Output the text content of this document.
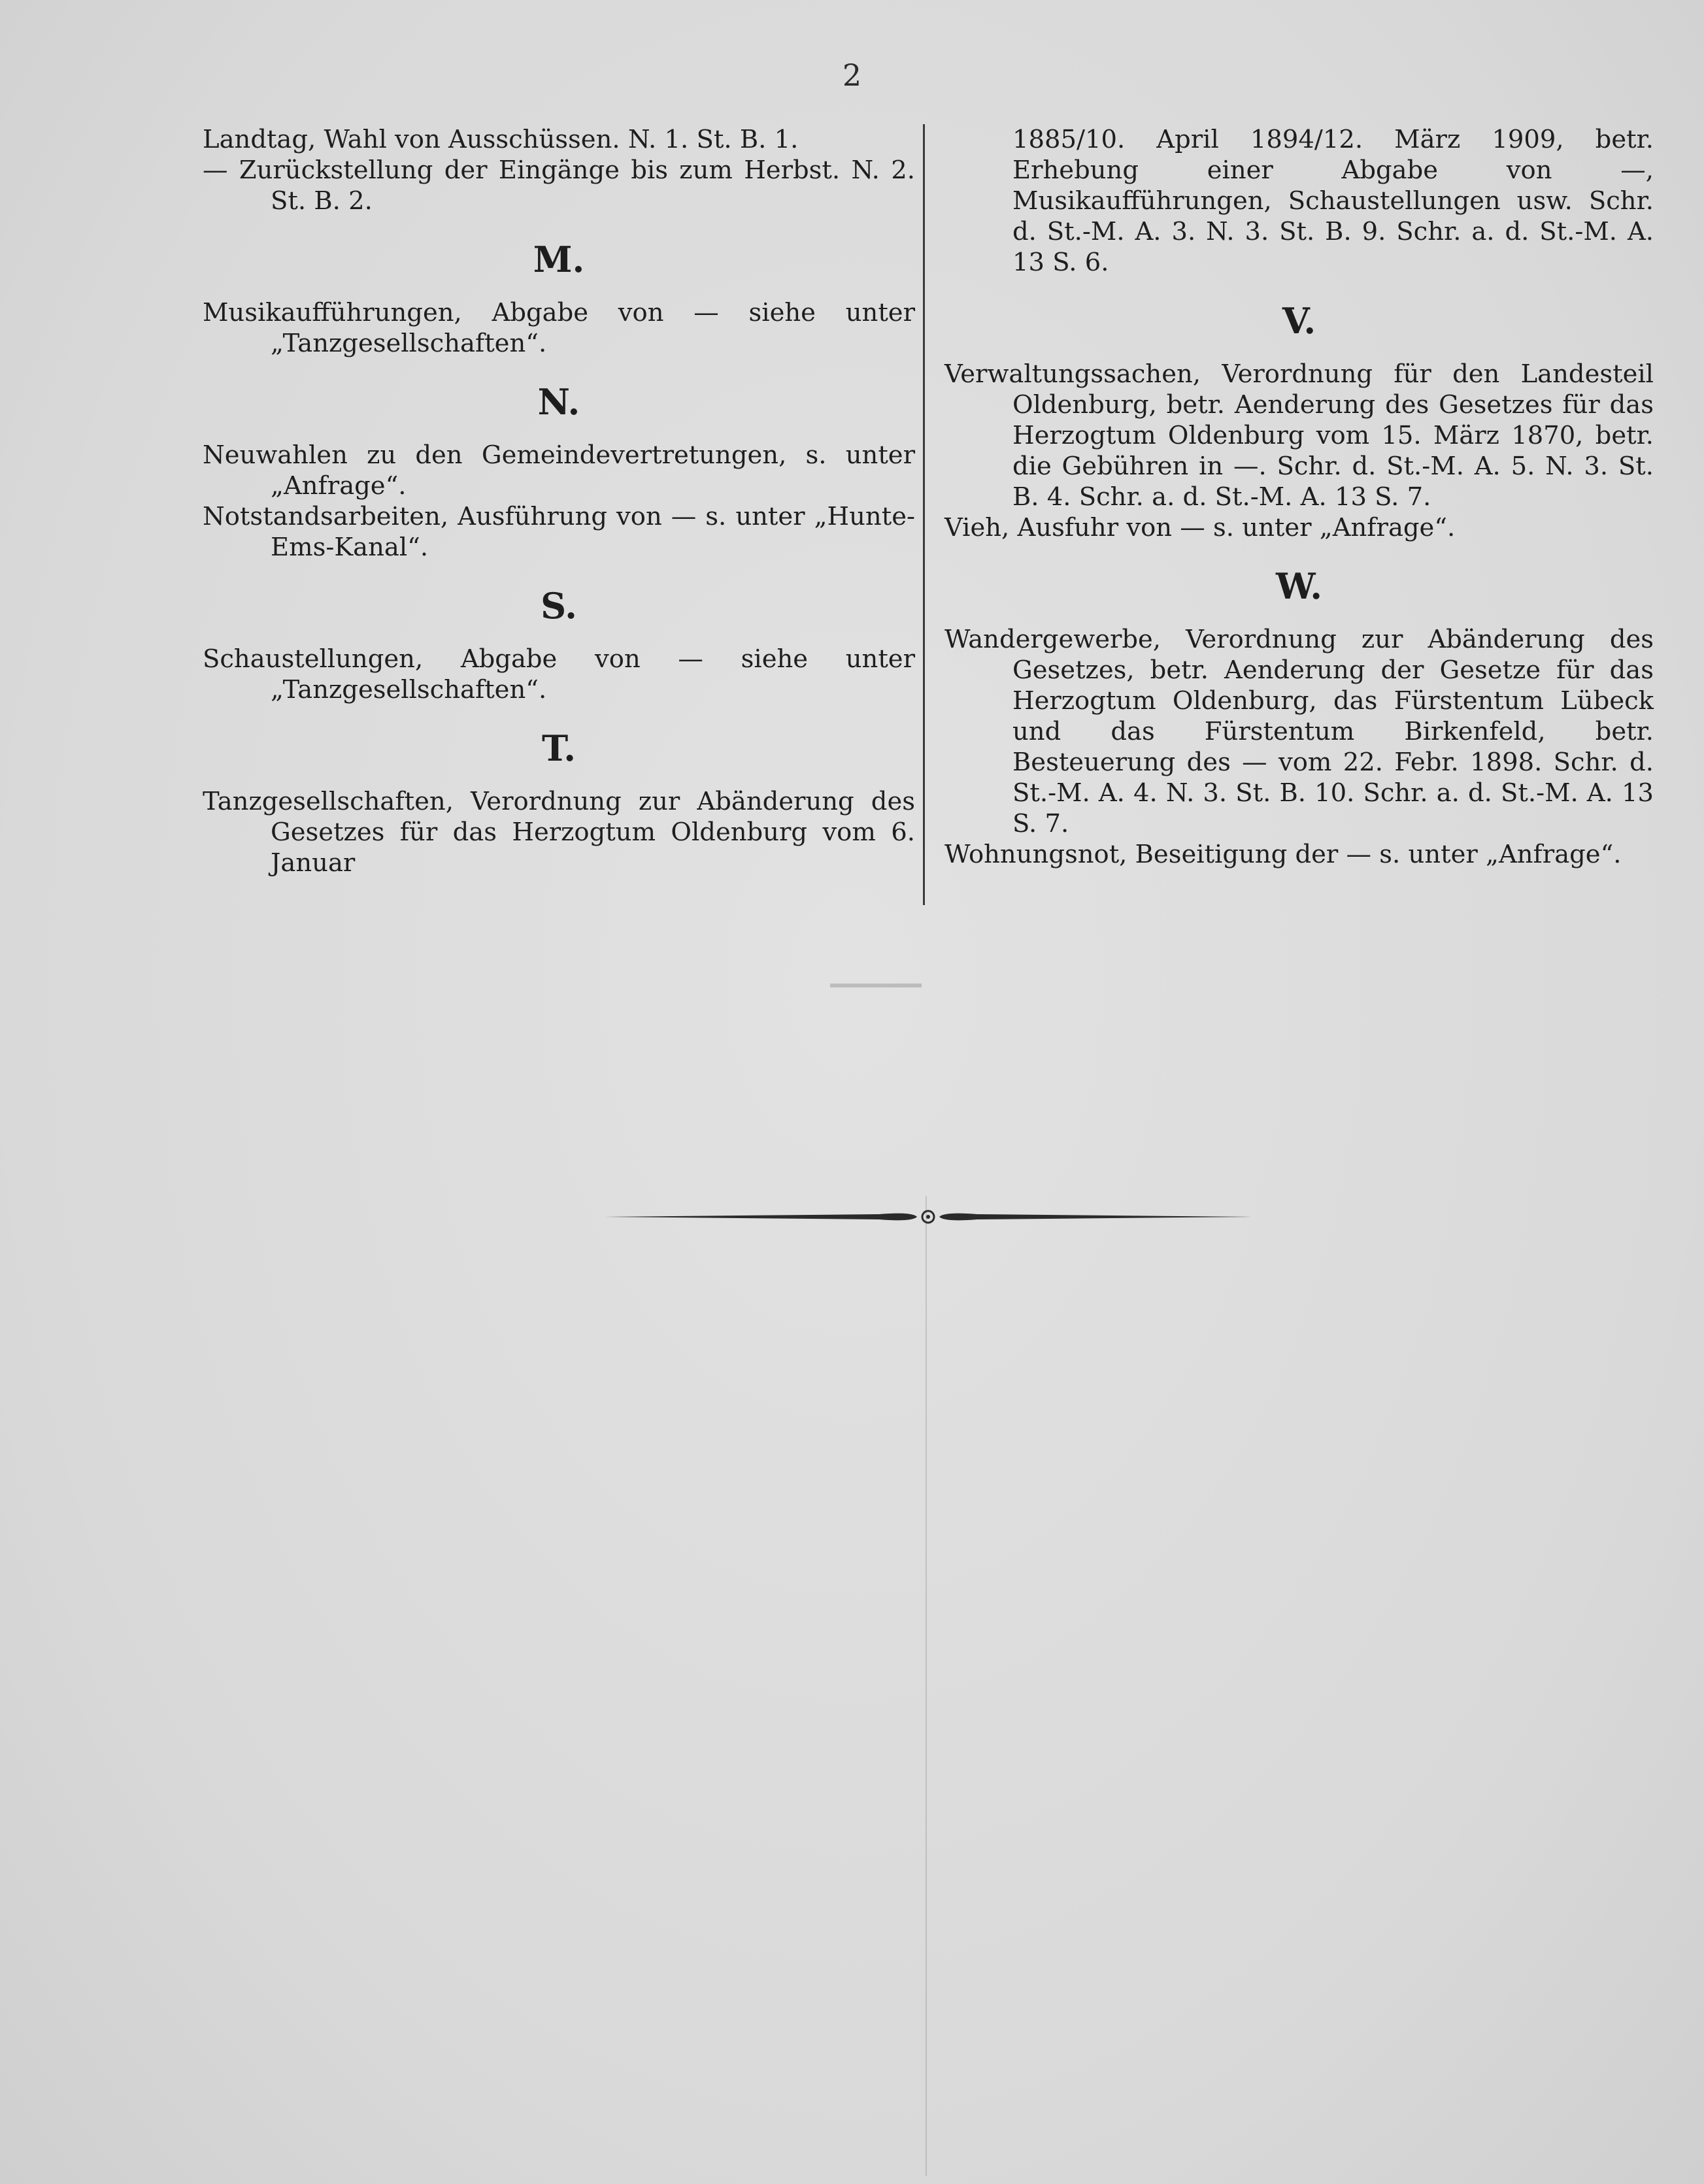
2

Landtag, Wahl von Ausschüssen. N. 1. St. B. 1.

— Zurückstellung der Eingänge bis zum Herbst. N. 2. St. B. 2.

M.

Musikaufführungen, Abgabe von — siehe unter „Tanzgesellschaften“.

N.

Neuwahlen zu den Gemeindevertretungen, s. unter „Anfrage“.

Notstandsarbeiten, Ausführung von — s. unter „Hunte-Ems-Kanal“.

S.

Schaustellungen, Abgabe von — siehe unter „Tanzgesellschaften“.

T.

Tanzgesellschaften, Verordnung zur Abänderung des Gesetzes für das Herzogtum Oldenburg vom 6. Januar

1885/10. April 1894/12. März 1909, betr. Erhebung einer Abgabe von —, Musikaufführungen, Schaustellungen usw. Schr. d. St.-M. A. 3. N. 3. St. B. 9. Schr. a. d. St.-M. A. 13 S. 6.

V.

Verwaltungssachen, Verordnung für den Landesteil Oldenburg, betr. Aenderung des Gesetzes für das Herzogtum Oldenburg vom 15. März 1870, betr. die Gebühren in —. Schr. d. St.-M. A. 5. N. 3. St. B. 4. Schr. a. d. St.-M. A. 13 S. 7.

Vieh, Ausfuhr von — s. unter „Anfrage“.

W.

Wandergewerbe, Verordnung zur Abänderung des Gesetzes, betr. Aenderung der Gesetze für das Herzogtum Oldenburg, das Fürstentum Lübeck und das Fürstentum Birkenfeld, betr. Besteuerung des — vom 22. Febr. 1898. Schr. d. St.-M. A. 4. N. 3. St. B. 10. Schr. a. d. St.-M. A. 13 S. 7.

Wohnungsnot, Beseitigung der — s. unter „Anfrage“.
